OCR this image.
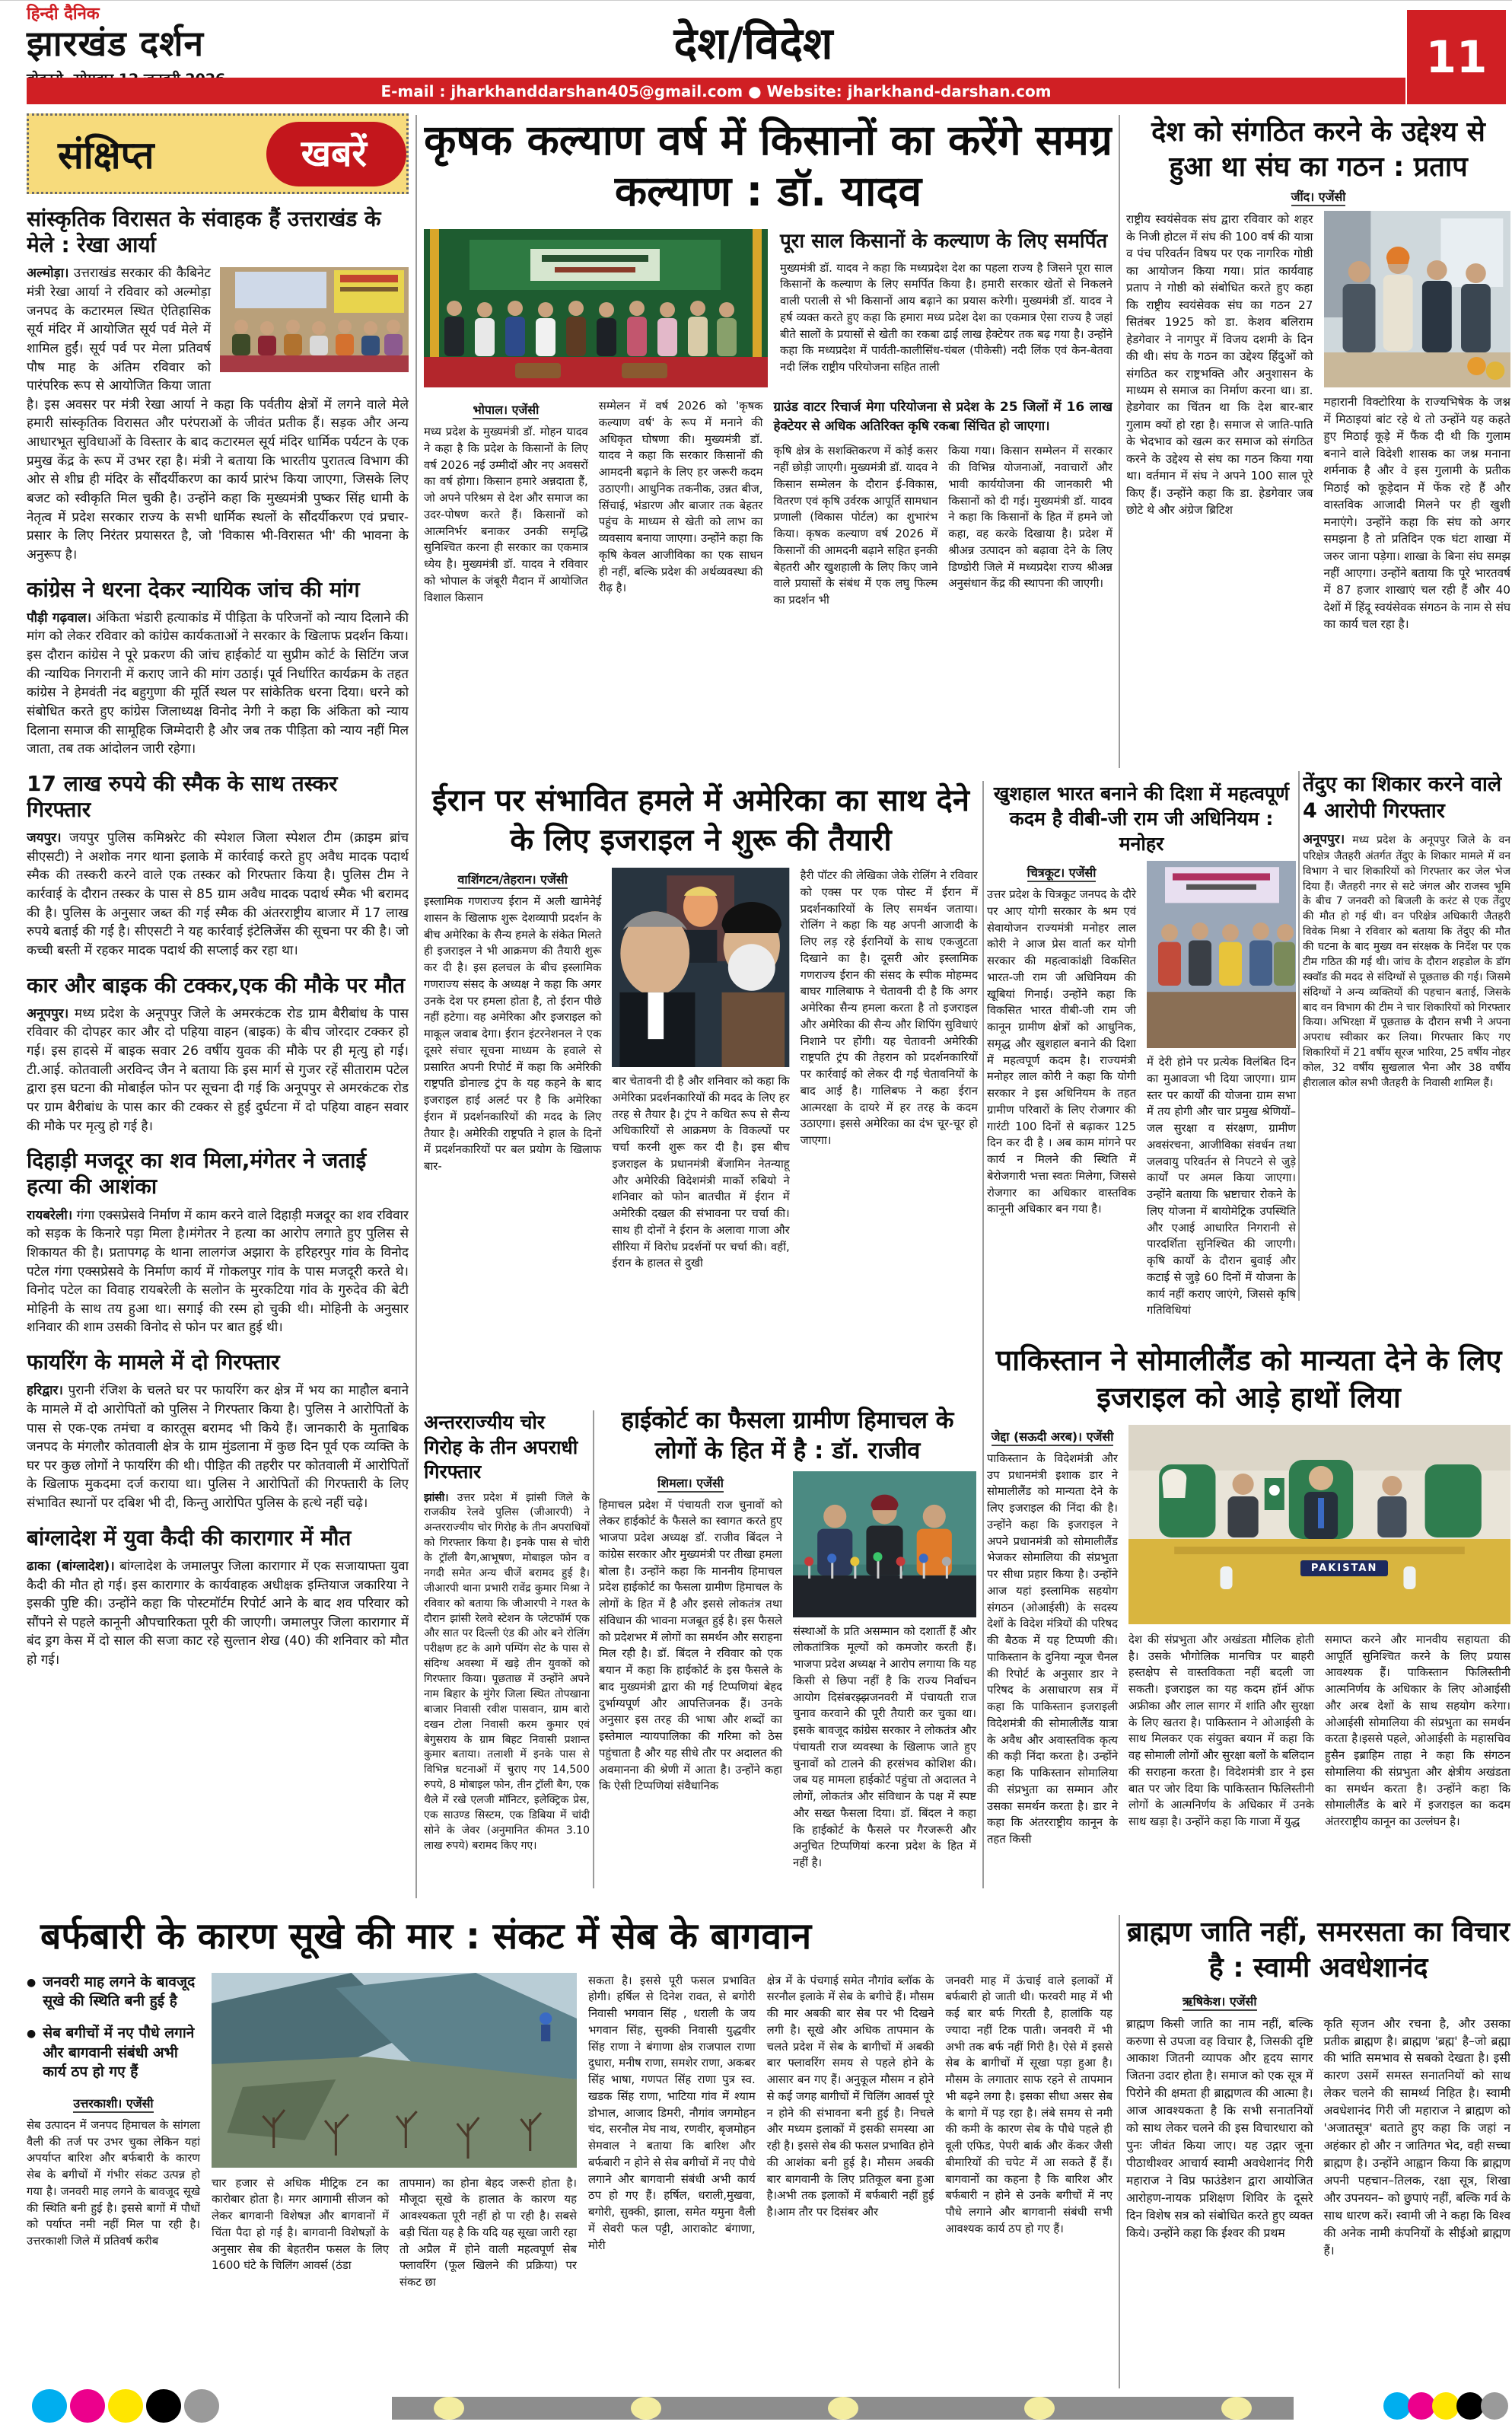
हिन्दी दैनिक
झारखंड दर्शन	देश/विदेश	11
E-mail : jharkhanddarshan405@gmail.com ● Website: jharkhand-darshan.com
संक्षिप्त	खबरें
सांस्कृतिक विरासत के संवाहक हैं उत्तराखंड के मेले : रेखा आर्या
अल्मोड़ा। उत्तराखंड सरकार की कैबिनेट मंत्री रेखा आर्या ने रविवार को अल्मोड़ा जनपद के कटारमल स्थित ऐतिहासिक सूर्य मंदिर में आयोजित सूर्य पर्व मेले में शामिल हुईं। सूर्य पर्व पर मेला प्रतिवर्ष पौष माह के अंतिम रविवार को पारंपरिक रूप से आयोजित किया जाता है। इस अवसर पर मंत्री रेखा आर्या ने कहा कि पर्वतीय क्षेत्रों में लगने वाले मेले हमारी सांस्कृतिक विरासत और परंपराओं के जीवंत प्रतीक हैं। सड़क और अन्य आधारभूत सुविधाओं के विस्तार के बाद कटारमल सूर्य मंदिर धार्मिक पर्यटन के एक प्रमुख केंद्र के रूप में उभर रहा है। मंत्री ने बताया कि भारतीय पुरातत्व विभाग की ओर से शीघ्र ही मंदिर के सौंदर्यीकरण का कार्य प्रारंभ किया जाएगा, जिसके लिए बजट को स्वीकृति मिल चुकी है। उन्होंने कहा कि मुख्यमंत्री पुष्कर सिंह धामी के नेतृत्व में प्रदेश सरकार राज्य के सभी धार्मिक स्थलों के सौंदर्यीकरण एवं प्रचार-प्रसार के लिए निरंतर प्रयासरत है, जो 'विकास भी-विरासत भी' की भावना के अनुरूप है।
कांग्रेस ने धरना देकर न्यायिक जांच की मांग
पौड़ी गढ़वाल। अंकिता भंडारी हत्याकांड में पीड़िता के परिजनों को न्याय दिलाने की मांग को लेकर रविवार को कांग्रेस कार्यकताओं ने सरकार के खिलाफ प्रदर्शन किया। इस दौरान कांग्रेस ने पूरे प्रकरण की जांच हाईकोर्ट या सुप्रीम कोर्ट के सिटिंग जज की न्यायिक निगरानी में कराए जाने की मांग उठाई। पूर्व निर्धारित कार्यक्रम के तहत कांग्रेस ने हेमवंती नंद बहुगुणा की मूर्ति स्थल पर सांकेतिक धरना दिया। धरने को संबोधित करते हुए कांग्रेस जिलाध्यक्ष विनोद नेगी ने कहा कि अंकिता को न्याय दिलाना समाज की सामूहिक जिम्मेदारी है और जब तक पीड़िता को न्याय नहीं मिल जाता, तब तक आंदोलन जारी रहेगा।
17 लाख रुपये की स्मैक के साथ तस्कर गिरफ्तार
जयपुर। जयपुर पुलिस कमिश्नरेट की स्पेशल जिला स्पेशल टीम (क्राइम ब्रांच सीएसटी) ने अशोक नगर थाना इलाके में कार्रवाई करते हुए अवैध मादक पदार्थ स्मैक की तस्करी करने वाले एक तस्कर को गिरफ्तार किया है। पुलिस टीम ने कार्रवाई के दौरान तस्कर के पास से 85 ग्राम अवैध मादक पदार्थ स्मैक भी बरामद की है। पुलिस के अनुसार जब्त की गई स्मैक की अंतरराष्ट्रीय बाजार में 17 लाख रुपये बताई की गई है। सीएसटी ने यह कार्रवाई इंटेलिजेंस की सूचना पर की है। जो कच्ची बस्ती में रहकर मादक पदार्थ की सप्लाई कर रहा था।
कार और बाइक की टक्कर,एक की मौके पर मौत
अनूपपुर। मध्य प्रदेश के अनूपपुर जिले के अमरकंटक रोड ग्राम बैरीबांध के पास रविवार की दोपहर कार और दो पहिया वाहन (बाइक) के बीच जोरदार टक्कर हो गई। इस हादसे में बाइक सवार 26 वर्षीय युवक की मौके पर ही मृत्यु हो गई। टी.आई. कोतवाली अरविन्द जैन ने बताया कि इस मार्ग से गुजर रहें सीताराम पटेल द्वारा इस घटना की मोबाईल फोन पर सूचना दी गई कि अनूपपुर से अमरकंटक रोड पर ग्राम बैरीबांध के पास कार की टक्कर से हुई दुर्घटना में दो पहिया वाहन सवार की मौके पर मृत्यु हो गई है।
दिहाड़ी मजदूर का शव मिला,मंगेतर ने जताई हत्या की आशंका
रायबरेली। गंगा एक्सप्रेसवे निर्माण में काम करने वाले दिहाड़ी मजदूर का शव रविवार को सड़क के किनारे पड़ा मिला है।मंगेतर ने हत्या का आरोप लगाते हुए पुलिस से शिकायत की है। प्रतापगढ़ के थाना लालगंज अझारा के हरिहरपुर गांव के विनोद पटेल गंगा एक्सप्रेसवे के निर्माण कार्य में गोकलपुर गांव के पास मजदूरी करते थे। विनोद पटेल का विवाह रायबरेली के सलोन के मुरकटिया गांव के गुरुदेव की बेटी मोहिनी के साथ तय हुआ था। सगाई की रस्म हो चुकी थी। मोहिनी के अनुसार शनिवार की शाम उसकी विनोद से फोन पर बात हुई थी।
फायरिंग के मामले में दो गिरफ्तार
हरिद्वार। पुरानी रंजिश के चलते घर पर फायरिंग कर क्षेत्र में भय का माहौल बनाने के मामले में दो आरोपितों को पुलिस ने गिरफ्तार किया है। पुलिस ने आरोपितों के पास से एक-एक तमंचा व कारतूस बरामद भी किये हैं। जानकारी के मुताबिक जनपद के मंगलौर कोतवाली क्षेत्र के ग्राम मुंडलाना में कुछ दिन पूर्व एक व्यक्ति के घर पर कुछ लोगों ने फायरिंग की थी। पीड़ित की तहरीर पर कोतवाली में आरोपितों के खिलाफ मुकदमा दर्ज कराया था। पुलिस ने आरोपितों की गिरफ्तारी के लिए संभावित स्थानों पर दबिश भी दी, किन्तु आरोपित पुलिस के हत्थे नहीं चढ़े।
बांग्लादेश में युवा कैदी की कारागार में मौत
ढाका (बांग्लादेश)। बांग्लादेश के जमालपुर जिला कारागार में एक सजायाफ्ता युवा कैदी की मौत हो गई। इस कारागार के कार्यवाहक अधीक्षक इम्तियाज जकारिया ने इसकी पुष्टि की। उन्होंने कहा कि पोस्टमॉर्टम रिपोर्ट आने के बाद शव परिवार को सौंपने से पहले कानूनी औपचारिकता पूरी की जाएगी। जमालपुर जिला कारागार में बंद ड्रग केस में दो साल की सजा काट रहे सुल्तान शेख (40) की शनिवार को मौत हो गई।
कृषक कल्याण वर्ष में किसानों का करेंगे समग्र कल्याण : डॉ. यादव
पूरा साल किसानों के कल्याण के लिए समर्पित
मुख्यमंत्री डॉ. यादव ने कहा कि मध्यप्रदेश देश का पहला राज्य है जिसने पूरा साल किसानों के कल्याण के लिए समर्पित किया है। हमारी सरकार खेतों से निकलने वाली पराली से भी किसानों आय बढ़ाने का प्रयास करेगी। मुख्यमंत्री डॉ. यादव ने हर्ष व्यक्त करते हुए कहा कि हमारा मध्य प्रदेश देश का एकमात्र ऐसा राज्य है जहां बीते सालों के प्रयासों से खेती का रकबा ढाई लाख हेक्टेयर तक बढ़ गया है। उन्होंने कहा कि मध्यप्रदेश में पार्वती-कालीसिंध-चंबल (पीकेसी) नदी लिंक एवं केन-बेतवा नदी लिंक राष्ट्रीय परियोजना सहित ताली
भोपाल। एजेंसी
मध्य प्रदेश के मुख्यमंत्री डॉ. मोहन यादव ने कहा है कि प्रदेश के किसानों के लिए वर्ष 2026 नई उम्मीदों और नए अवसरों का वर्ष होगा। किसान हमारे अन्नदाता हैं, जो अपने परिश्रम से देश और समाज का उदर-पोषण करते हैं। किसानों को आत्मनिर्भर बनाकर उनकी समृद्धि सुनिश्चित करना ही सरकार का एकमात्र ध्येय है। मुख्यमंत्री डॉ. यादव ने रविवार को भोपाल के जंबूरी मैदान में आयोजित विशाल किसान
सम्मेलन में वर्ष 2026 को 'कृषक कल्याण वर्ष' के रूप में मनाने की अधिकृत घोषणा की। मुख्यमंत्री डॉ. यादव ने कहा कि सरकार किसानों की आमदनी बढ़ाने के लिए हर जरूरी कदम उठाएगी। आधुनिक तकनीक, उन्नत बीज, सिंचाई, भंडारण और बाजार तक बेहतर पहुंच के माध्यम से खेती को लाभ का व्यवसाय बनाया जाएगा। उन्होंने कहा कि कृषि केवल आजीविका का एक साधन ही नहीं, बल्कि प्रदेश की अर्थव्यवस्था की रीढ़ है।
ग्राउंड वाटर रिचार्ज मेगा परियोजना से प्रदेश के 25 जिलों में 16 लाख हेक्टेयर से अधिक अतिरिक्त कृषि रकबा सिंचित हो जाएगा।
कृषि क्षेत्र के सशक्तिकरण में कोई कसर नहीं छोड़ी जाएगी। मुख्यमंत्री डॉ. यादव ने किसान सम्मेलन के दौरान ई-विकास, वितरण एवं कृषि उर्वरक आपूर्ति सामधान प्रणाली (विकास पोर्टल) का शुभारंभ किया। कृषक कल्याण वर्ष 2026 में किसानों की आमदनी बढ़ाने सहित इनकी बेहतरी और खुशहाली के लिए किए जाने वाले प्रयासों के संबंध में एक लघु फिल्म का प्रदर्शन भी
किया गया। किसान सम्मेलन में सरकार की विभिन्न योजनाओं, नवाचारों और भावी कार्ययोजना की जानकारी भी किसानों को दी गई। मुख्यमंत्री डॉ. यादव ने कहा कि किसानों के हित में हमने जो कहा, वह करके दिखाया है। प्रदेश में श्रीअन्न उत्पादन को बढ़ावा देने के लिए डिण्डोरी जिले में मध्यप्रदेश राज्य श्रीअन्न अनुसंधान केंद्र की स्थापना की जाएगी।
देश को संगठित करने के उद्देश्य से हुआ था संघ का गठन : प्रताप
जींद। एजेंसी
राष्ट्रीय स्वयंसेवक संघ द्वारा रविवार को शहर के निजी होटल में संघ की 100 वर्ष की यात्रा व पंच परिवर्तन विषय पर एक नागरिक गोष्ठी का आयोजन किया गया। प्रांत कार्यवाह प्रताप ने गोष्ठी को संबोधित करते हुए कहा कि राष्ट्रीय स्वयंसेवक संघ का गठन 27 सितंबर 1925 को डा. केशव बलिराम हेडगेवार ने नागपुर में विजय दशमी के दिन की थी। संघ के गठन का उद्देश्य हिंदुओं को संगठित कर राष्ट्रभक्ति और अनुशासन के माध्यम से समाज का निर्माण करना था। डा. हेडगेवार का चिंतन था कि देश बार-बार गुलाम क्यों हो रहा है। समाज से जाति-पाति के भेदभाव को खत्म कर समाज को संगठित करने के उद्देश्य से संघ का गठन किया गया था। वर्तमान में संघ ने अपने 100 साल पूरे किए हैं। उन्होंने कहा कि डा. हेडगेवार जब छोटे थे और अंग्रेज ब्रिटिश
महारानी विक्टोरिया के राज्यभिषेक के जश्न में मिठाइयां बांट रहे थे तो उन्होंने यह कहते हुए मिठाई कूड़े में फैंक दी थी कि गुलाम बनाने वाले विदेशी शासक का जश्न मनाना शर्मनाक है और वे इस गुलामी के प्रतीक मिठाई को कूड़ेदान में फेंक रहे हैं और वास्तविक आजादी मिलने पर ही खुशी मनाएंगे। उन्होंने कहा कि संघ को अगर समझना है तो प्रतिदिन एक घंटा शाखा में जरुर जाना पड़ेगा। शाखा के बिना संघ समझ नहीं आएगा। उन्होंने बताया कि पूरे भारतवर्ष में 87 हजार शाखाएं चल रही हैं और 40 देशों में हिंदू स्वयंसेवक संगठन के नाम से संघ का कार्य चल रहा है।
तेंदुए का शिकार करने वाले 4 आरोपी गिरफ्तार
अनूपपुर। मध्य प्रदेश के अनूपपुर जिले के वन परिक्षेत्र जैतहरी अंतर्गत तेंदुए के शिकार मामले में वन विभाग ने चार शिकारियों को गिरफ्तार कर जेल भेज दिया हैं। जैतहरी नगर से सटे जंगल और राजस्व भूमि के बीच 7 जनवरी को बिजली के करंट से एक तेंदुए की मौत हो गई थी। वन परिक्षेत्र अधिकारी जैतहरी विवेक मिश्रा ने रविवार को बताया कि तेंदुए की मौत की घटना के बाद मुख्य वन संरक्षक के निर्देश पर एक टीम गठित की गई थी। जांच के दौरान शहडोल के डॉग स्क्वॉड की मदद से संदिग्धों से पूछताछ की गई। जिसमे संदिग्धों ने अन्य व्यक्तियों की पहचान बताई, जिसके बाद वन विभाग की टीम ने चार शिकारियों को गिरफ्तार किया। अभिरक्षा में पूछताछ के दौरान सभी ने अपना अपराध स्वीकार कर लिया। गिरफ्तार किए गए शिकारियों में 21 वर्षीय सूरज भारिया, 25 वर्षीय नोहर कोल, 32 वर्षीय सुखलाल भैना और 38 वर्षीय हीरालाल कोल सभी जैतहरी के निवासी शामिल हैं।
ईरान पर संभावित हमले में अमेरिका का साथ देने के लिए इजराइल ने शुरू की तैयारी
वाशिंगटन/तेहरान। एजेंसी
इस्लामिक गणराज्य ईरान में अली खामेनेई शासन के खिलाफ शुरू देशव्यापी प्रदर्शन के बीच अमेरिका के सैन्य हमले के संकेत मिलते ही इजराइल ने भी आक्रमण की तैयारी शुरू कर दी है। इस हलचल के बीच इस्लामिक गणराज्य संसद के अध्यक्ष ने कहा कि अगर उनके देश पर हमला होता है, तो ईरान पीछे नहीं हटेगा। वह अमेरिका और इजराइल को माकूल जवाब देगा। ईरान इंटरनेशनल ने एक दूसरे संचार सूचना माध्यम के हवाले से प्रसारित अपनी रिपोर्ट में कहा कि अमेरिकी राष्ट्रपति डोनाल्ड ट्रंप के यह कहने के बाद इजराइल हाई अलर्ट पर है कि अमेरिका ईरान में प्रदर्शनकारियों की मदद के लिए तैयार है। अमेरिकी राष्ट्रपति ने हाल के दिनों में प्रदर्शनकारियों पर बल प्रयोग के खिलाफ बार-
बार चेतावनी दी है और शनिवार को कहा कि अमेरिका प्रदर्शनकारियों की मदद के लिए हर तरह से तैयार है। ट्रंप ने कथित रूप से सैन्य अधिकारियों से आक्रमण के विकल्पों पर चर्चा करनी शुरू कर दी है। इस बीच इजराइल के प्रधानमंत्री बेंजामिन नेतन्याहू और अमेरिकी विदेशमंत्री मार्को रुबियो ने शनिवार को फोन बातचीत में ईरान में अमेरिकी दखल की संभावना पर चर्चा की। साथ ही दोनों ने ईरान के अलावा गाजा और सीरिया में विरोध प्रदर्शनों पर चर्चा की। वहीं, ईरान के हालत से दुखी
हैरी पॉटर की लेखिका जेके रोलिंग ने रविवार को एक्स पर एक पोस्ट में ईरान में प्रदर्शनकारियों के लिए समर्थन जताया। रोलिंग ने कहा कि यह अपनी आजादी के लिए लड़ रहे ईरानियों के साथ एकजुटता दिखाने का है। दूसरी ओर इस्लामिक गणराज्य ईरान की संसद के स्पीक मोहम्मद बाघर गालिबाफ ने चेतावनी दी है कि अगर अमेरिका सैन्य हमला करता है तो इजराइल और अमेरिका की सैन्य और शिपिंग सुविधाएं निशाने पर होंगी। यह चेतावनी अमेरिकी राष्ट्रपति ट्रंप की तेहरान को प्रदर्शनकारियों पर कार्रवाई को लेकर दी गई चेतावनियों के बाद आई है। गालिबफ ने कहा ईरान आत्मरक्षा के दायरे में हर तरह के कदम उठाएगा। इससे अमेरिका का दंभ चूर-चूर हो जाएगा।
खुशहाल भारत बनाने की दिशा में महत्वपूर्ण कदम है वीबी-जी राम जी अधिनियम : मनोहर
चित्रकूट। एजेंसी
उत्तर प्रदेश के चित्रकूट जनपद के दौरे पर आए योगी सरकार के श्रम एवं सेवायोजन राज्यमंत्री मनोहर लाल कोरी ने आज प्रेस वार्ता कर योगी सरकार की महत्वाकांक्षी विकसित भारत-जी राम जी अधिनियम की खूबियां गिनाई। उन्होंने कहा कि विकसित भारत वीबी-जी राम जी कानून ग्रामीण क्षेत्रों को आधुनिक, समृद्ध और खुशहाल बनाने की दिशा में महत्वपूर्ण कदम है। राज्यमंत्री मनोहर लाल कोरी ने कहा कि योगी सरकार ने इस अधिनियम के तहत ग्रामीण परिवारों के लिए रोजगार की गारंटी 100 दिनों से बढ़ाकर 125 दिन कर दी है । अब काम मांगने पर कार्य न मिलने की स्थिति में बेरोजगारी भत्ता स्वतः मिलेगा, जिससे रोजगार का अधिकार वास्तविक कानूनी अधिकार बन गया है।
में देरी होने पर प्रत्येक विलंबित दिन का मुआवजा भी दिया जाएगा। ग्राम स्तर पर कार्यों की योजना ग्राम सभा में तय होगी और चार प्रमुख श्रेणियों–जल सुरक्षा व संरक्षण, ग्रामीण अवसंरचना, आजीविका संवर्धन तथा जलवायु परिवर्तन से निपटने से जुड़े कार्यों पर अमल किया जाएगा। उन्होंने बताया कि भ्रष्टाचार रोकने के लिए योजना में बायोमेट्रिक उपस्थिति और एआई आधारित निगरानी से पारदर्शिता सुनिश्चित की जाएगी। कृषि कार्यों के दौरान बुवाई और कटाई से जुड़े 60 दिनों में योजना के कार्य नहीं कराए जाएंगे, जिससे कृषि गतिविधियां
अन्तरराज्यीय चोर गिरोह के तीन अपराधी गिरफ्तार
झांसी। उत्तर प्रदेश में झांसी जिले के राजकीय रेलवे पुलिस (जीआरपी) ने अन्तरराज्यीय चोर गिरोह के तीन अपराधियों को गिरफ्तार किया है। इनके पास से चोरी के ट्रॉली बैग,आभूषण, मोबाइल फोन व नगदी समेत अन्य चीजें बरामद हुई है। जीआरपी थाना प्रभारी रावेंद्र कुमार मिश्रा ने रविवार को बताया कि जीआरपी ने गश्त के दौरान झांसी रेलवे स्टेशन के प्लेटफॉर्म एक और सात पर दिल्ली एंड की ओर बने रोलिंग परीक्षण हट के आगे पम्पिंग सेट के पास से संदिग्ध अवस्था में खड़े तीन युवकों को गिरफ्तार किया। पूछताछ में उन्होंने अपने नाम बिहार के मुंगेर जिला स्थित तोपखाना बाजार निवासी रवीश पासवान, ग्राम बारो दखन टोला निवासी करम कुमार एवं बेगुसराय के ग्राम बिहट निवासी प्रशान्त कुमार बताया। तलाशी में इनके पास से विभिन्न घटनाओं में चुराए गए 14,500 रुपये, 8 मोबाइल फोन, तीन ट्रॉली बैग, एक थैले में रखे एलजी मॉनिटर, इलेक्ट्रिक प्रेस, एक साउण्ड सिस्टम, एक डिबिया में चांदी सोने के जेवर (अनुमानित कीमत 3.10 लाख रुपये) बरामद किए गए।
हाईकोर्ट का फैसला ग्रामीण हिमाचल के लोगों के हित में है : डॉ. राजीव
शिमला। एजेंसी
हिमाचल प्रदेश में पंचायती राज चुनावों को लेकर हाईकोर्ट के फैसले का स्वागत करते हुए भाजपा प्रदेश अध्यक्ष डॉ. राजीव बिंदल ने कांग्रेस सरकार और मुख्यमंत्री पर तीखा हमला बोला है। उन्होंने कहा कि माननीय हिमाचल प्रदेश हाईकोर्ट का फैसला ग्रामीण हिमाचल के लोगों के हित में है और इससे लोकतंत्र तथा संविधान की भावना मजबूत हुई है। इस फैसले को प्रदेशभर में लोगों का समर्थन और सराहना मिल रही है। डॉ. बिंदल ने रविवार को एक बयान में कहा कि हाईकोर्ट के इस फैसले के बाद मुख्यमंत्री द्वारा की गई टिप्पणियां बेहद दुर्भाग्यपूर्ण और आपत्तिजनक हैं। उनके अनुसार इस तरह की भाषा और शब्दों का इस्तेमाल न्यायपालिका की गरिमा को ठेस पहुंचाता है और यह सीधे तौर पर अदालत की अवमानना की श्रेणी में आता है। उन्होंने कहा कि ऐसी टिप्पणियां संवैधानिक
संस्थाओं के प्रति असम्मान को दशार्ती हैं और लोकतांत्रिक मूल्यों को कमजोर करती हैं। भाजपा प्रदेश अध्यक्ष ने आरोप लगाया कि यह किसी से छिपा नहीं है कि राज्य निर्वाचन आयोग दिसंबरझ्झजनवरी में पंचायती राज चुनाव करवाने की पूरी तैयारी कर चुका था। इसके बावजूद कांग्रेस सरकार ने लोकतंत्र और पंचायती राज व्यवस्था के खिलाफ जाते हुए चुनावों को टालने की हरसंभव कोशिश की। जब यह मामला हाईकोर्ट पहुंचा तो अदालत ने लोगों, लोकतंत्र और संविधान के पक्ष में स्पष्ट और सख्त फैसला दिया। डॉ. बिंदल ने कहा कि हाईकोर्ट के फैसले पर गैरजरूरी और अनुचित टिप्पणियां करना प्रदेश के हित में नहीं है।
पाकिस्तान ने सोमालीलैंड को मान्यता देने के लिए इजराइल को आड़े हाथों लिया
जेद्दा (सऊदी अरब)। एजेंसी
पाकिस्तान के विदेशमंत्री और उप प्रधानमंत्री इशाक डार ने सोमालीलैंड को मान्यता देने के लिए इजराइल की निंदा की है। उन्होंने कहा कि इजराइल ने अपने प्रधानमंत्री को सोमालीलैंड भेजकर सोमालिया की संप्रभुता पर सीधा प्रहार किया है। उन्होंने आज यहां इस्लामिक सहयोग संगठन (ओआईसी) के सदस्य देशों के विदेश मंत्रियों की परिषद की बैठक में यह टिप्पणी की। पाकिस्तान के दुनिया न्यूज चैनल की रिपोर्ट के अनुसार डार ने परिषद के असाधारण सत्र में कहा कि पाकिस्तान इजराइली विदेशमंत्री की सोमालीलैंड यात्रा के अवैध और अवास्तविक कृत्य की कड़ी निंदा करता है। उन्होंने कहा कि पाकिस्तान सोमालिया की संप्रभुता का सम्मान और उसका समर्थन करता है। डार ने कहा कि अंतरराष्ट्रीय कानून के तहत किसी
PAKISTAN
देश की संप्रभुता और अखंडता मौलिक होती है। उसके भौगोलिक मानचित्र पर बाहरी हस्तक्षेप से वास्तविकता नहीं बदली जा सकती। इजराइल का यह कदम हॉर्न ऑफ अफ्रीका और लाल सागर में शांति और सुरक्षा के लिए खतरा है। पाकिस्तान ने ओआईसी के साथ मिलकर एक संयुक्त बयान में कहा कि वह सोमाली लोगों और सुरक्षा बलों के बलिदान की सराहना करता है। विदेशमंत्री डार ने इस बात पर जोर दिया कि पाकिस्तान फिलिस्तीनी लोगों के आत्मनिर्णय के अधिकार में उनके साथ खड़ा है। उन्होंने कहा कि गाजा में युद्ध
समाप्त करने और मानवीय सहायता की आपूर्ति सुनिश्चित करने के लिए प्रयास आवश्यक हैं। पाकिस्तान फिलिस्तीनी आत्मनिर्णय के अधिकार के लिए ओआईसी और अरब देशों के साथ सहयोग करेगा। ओआईसी सोमालिया की संप्रभुता का समर्थन करता है।इससे पहले, ओआईसी के महासचिव हुसैन इब्राहिम ताहा ने कहा कि संगठन सोमालिया की संप्रभुता और क्षेत्रीय अखंडता का समर्थन करता है। उन्होंने कहा कि सोमालीलैंड के बारे में इजराइल का कदम अंतरराष्ट्रीय कानून का उल्लंघन है।
बर्फबारी के कारण सूखे की मार : संकट में सेब के बागवान
● जनवरी माह लगने के बावजूद सूखे की स्थिति बनी हुई है
● सेब बगीचों में नए पौधे लगाने और बागवानी संबंधी अभी कार्य ठप हो गए हैं
उत्तरकाशी। एजेंसी
सेब उत्पादन में जनपद हिमाचल के सांगला वैली की तर्ज पर उभर चुका लेकिन यहां अपर्याप्त बारिश और बर्फबारी के कारण सेब के बगीचों में गंभीर संकट उत्पन्न हो गया है। जनवरी माह लगने के बावजूद सूखे की स्थिति बनी हुई है। इससे बागों में पौधों को पर्याप्त नमी नहीं मिल पा रही है। उत्तरकाशी जिले में प्रतिवर्ष करीब
चार हजार से अधिक मीट्रिक टन का कारोबार होता है। मगर आगामी सीजन को लेकर बागवानी विशेषज्ञ और बागवानों में चिंता पैदा हो गई है। बागवानी विशेषज्ञों के अनुसार सेब की बेहतरीन फसल के लिए 1600 घंटे के चिलिंग आवर्स (ठंडा
तापमान) का होना बेहद जरूरी होता है। मौजूदा सूखे के हालात के कारण यह आवश्यकता पूरी नहीं हो पा रही है। सबसे बड़ी चिंता यह है कि यदि यह सूखा जारी रहा तो अप्रैल में होने वाली महत्वपूर्ण सेब फ्लावरिंग (फूल खिलने की प्रक्रिया) पर संकट छा
सकता है। इससे पूरी फसल प्रभावित होगी। हर्षिल से दिनेश रावत, से बगोरी निवासी भगवान सिंह , धराली के जय भगवान सिंह, सुक्की निवासी युद्धवीर सिंह राणा ने बंगाणा क्षेत्र राजपाल राणा दुधारा, मनीष राणा, समशेर राणा, अकबर सिंह भाषा, गणपत सिंह राणा पुत्र स्व. खडक सिंह राणा, भाटिया गांव में श्याम डोभाल, आजाद डिमरी, नौगांव जगमोहन चंद, सरनौल मेघ नाथ, रणवीर, बृजमोहन सेमवाल ने बताया कि बारिश और बर्फबारी न होने से सेब बगीचों में नए पौधे लगाने और बागवानी संबंधी अभी कार्य ठप हो गए हैं। हर्षिल, धराली,मुखवा, बगोरी, सुक्की, झाला, समेत यमुना वैली में सेवरी फल पट्टी, आराकोट बंगाणा, मोरी
क्षेत्र में के पंचगाई समेत नौगांव ब्लॉक के सरनौल इलाके में सेब के बगीचे हैं। मौसम की मार अबकी बार सेब पर भी दिखने लगी है। सूखे और अधिक तापमान के चलते प्रदेश में सेब के बागीचों में अबकी बार फ्लावरिंग समय से पहले होने के आसार बन गए हैं। अनुकूल मौसम न होने से कई जगह बागीचों में चिलिंग आवर्स पूरे न होने की संभावना बनी हुई है। निचले और मध्यम इलाकों में इसकी समस्या आ रही है। इससे सेब की फसल प्रभावित होने की आशंका बनी हुई है। मौसम अबकी बार बागवानी के लिए प्रतिकूल बना हुआ है।अभी तक इलाकों में बर्फबारी नहीं हुई है।आम तौर पर दिसंबर और
जनवरी माह में ऊंचाई वाले इलाकों में बर्फबारी हो जाती थी। फरवरी माह में भी कई बार बर्फ गिरती है, हालांकि यह ज्यादा नहीं टिक पाती। जनवरी में भी अभी तक बर्फ नहीं गिरी है। ऐसे में इससे सेब के बागीचों में सूखा पड़ा हुआ है। मौसम के लगातार साफ रहने से तापमान भी बढ़ने लगा है। इसका सीधा असर सेब के बागो में पड़ रहा है। लंबे समय से नमी की कमी के कारण सेब के पौधे पहले ही वूली एफिड, पेपरी बार्क और केंकर जैसी बीमारियों की चपेट में आ सकते हैं हैं। बागवानों का कहना है कि बारिश और बर्फबारी न होने से उनके बगीचों में नए पौधे लगाने और बागवानी संबंधी सभी आवश्यक कार्य ठप हो गए हैं।
ब्राह्मण जाति नहीं, समरसता का विचार है : स्वामी अवधेशानंद
ऋषिकेश। एजेंसी
ब्राह्मण किसी जाति का नाम नहीं, बल्कि करुणा से उपजा वह विचार है, जिसकी दृष्टि आकाश जितनी व्यापक और हृदय सागर जितना उदार होता है। समाज को एक सूत्र में पिरोने की क्षमता ही ब्राह्मणत्व की आत्मा है। आज आवश्यकता है कि सभी सनातनियों को साथ लेकर चलने की इस विचारधारा को पुनः जीवंत किया जाए। यह उद्गार जूना पीठाधीश्वर आचार्य स्वामी अवधेशानंद गिरी महाराज ने विप्र फाउंडेशन द्वारा आयोजित आरोहण-नायक प्रशिक्षण शिविर के दूसरे दिन विशेष सत्र को संबोधित करते हुए व्यक्त किये। उन्होंने कहा कि ईश्वर की प्रथम
कृति सृजन और रचना है, और उसका प्रतीक ब्राह्मण है। ब्राह्मण 'ब्रह्म' है–जो ब्रह्मा की भांति समभाव से सबको देखता है। इसी कारण उसमें समस्त सनातनियों को साथ लेकर चलने की सामर्थ्य निहित है। स्वामी अवधेशानंद गिरी जी महाराज ने ब्राह्मण को 'अजातसूत्र' बताते हुए कहा कि जहां न अहंकार हो और न जातिगत भेद, वही सच्चा ब्राह्मण है। उन्होंने आह्वान किया कि ब्राह्मण अपनी पहचान–तिलक, रक्षा सूत्र, शिखा और उपनयन– को छुपाएं नहीं, बल्कि गर्व के साथ धारण करें। स्वामी जी ने कहा कि विश्व की अनेक नामी कंपनियों के सीईओ ब्राह्मण हैं।
